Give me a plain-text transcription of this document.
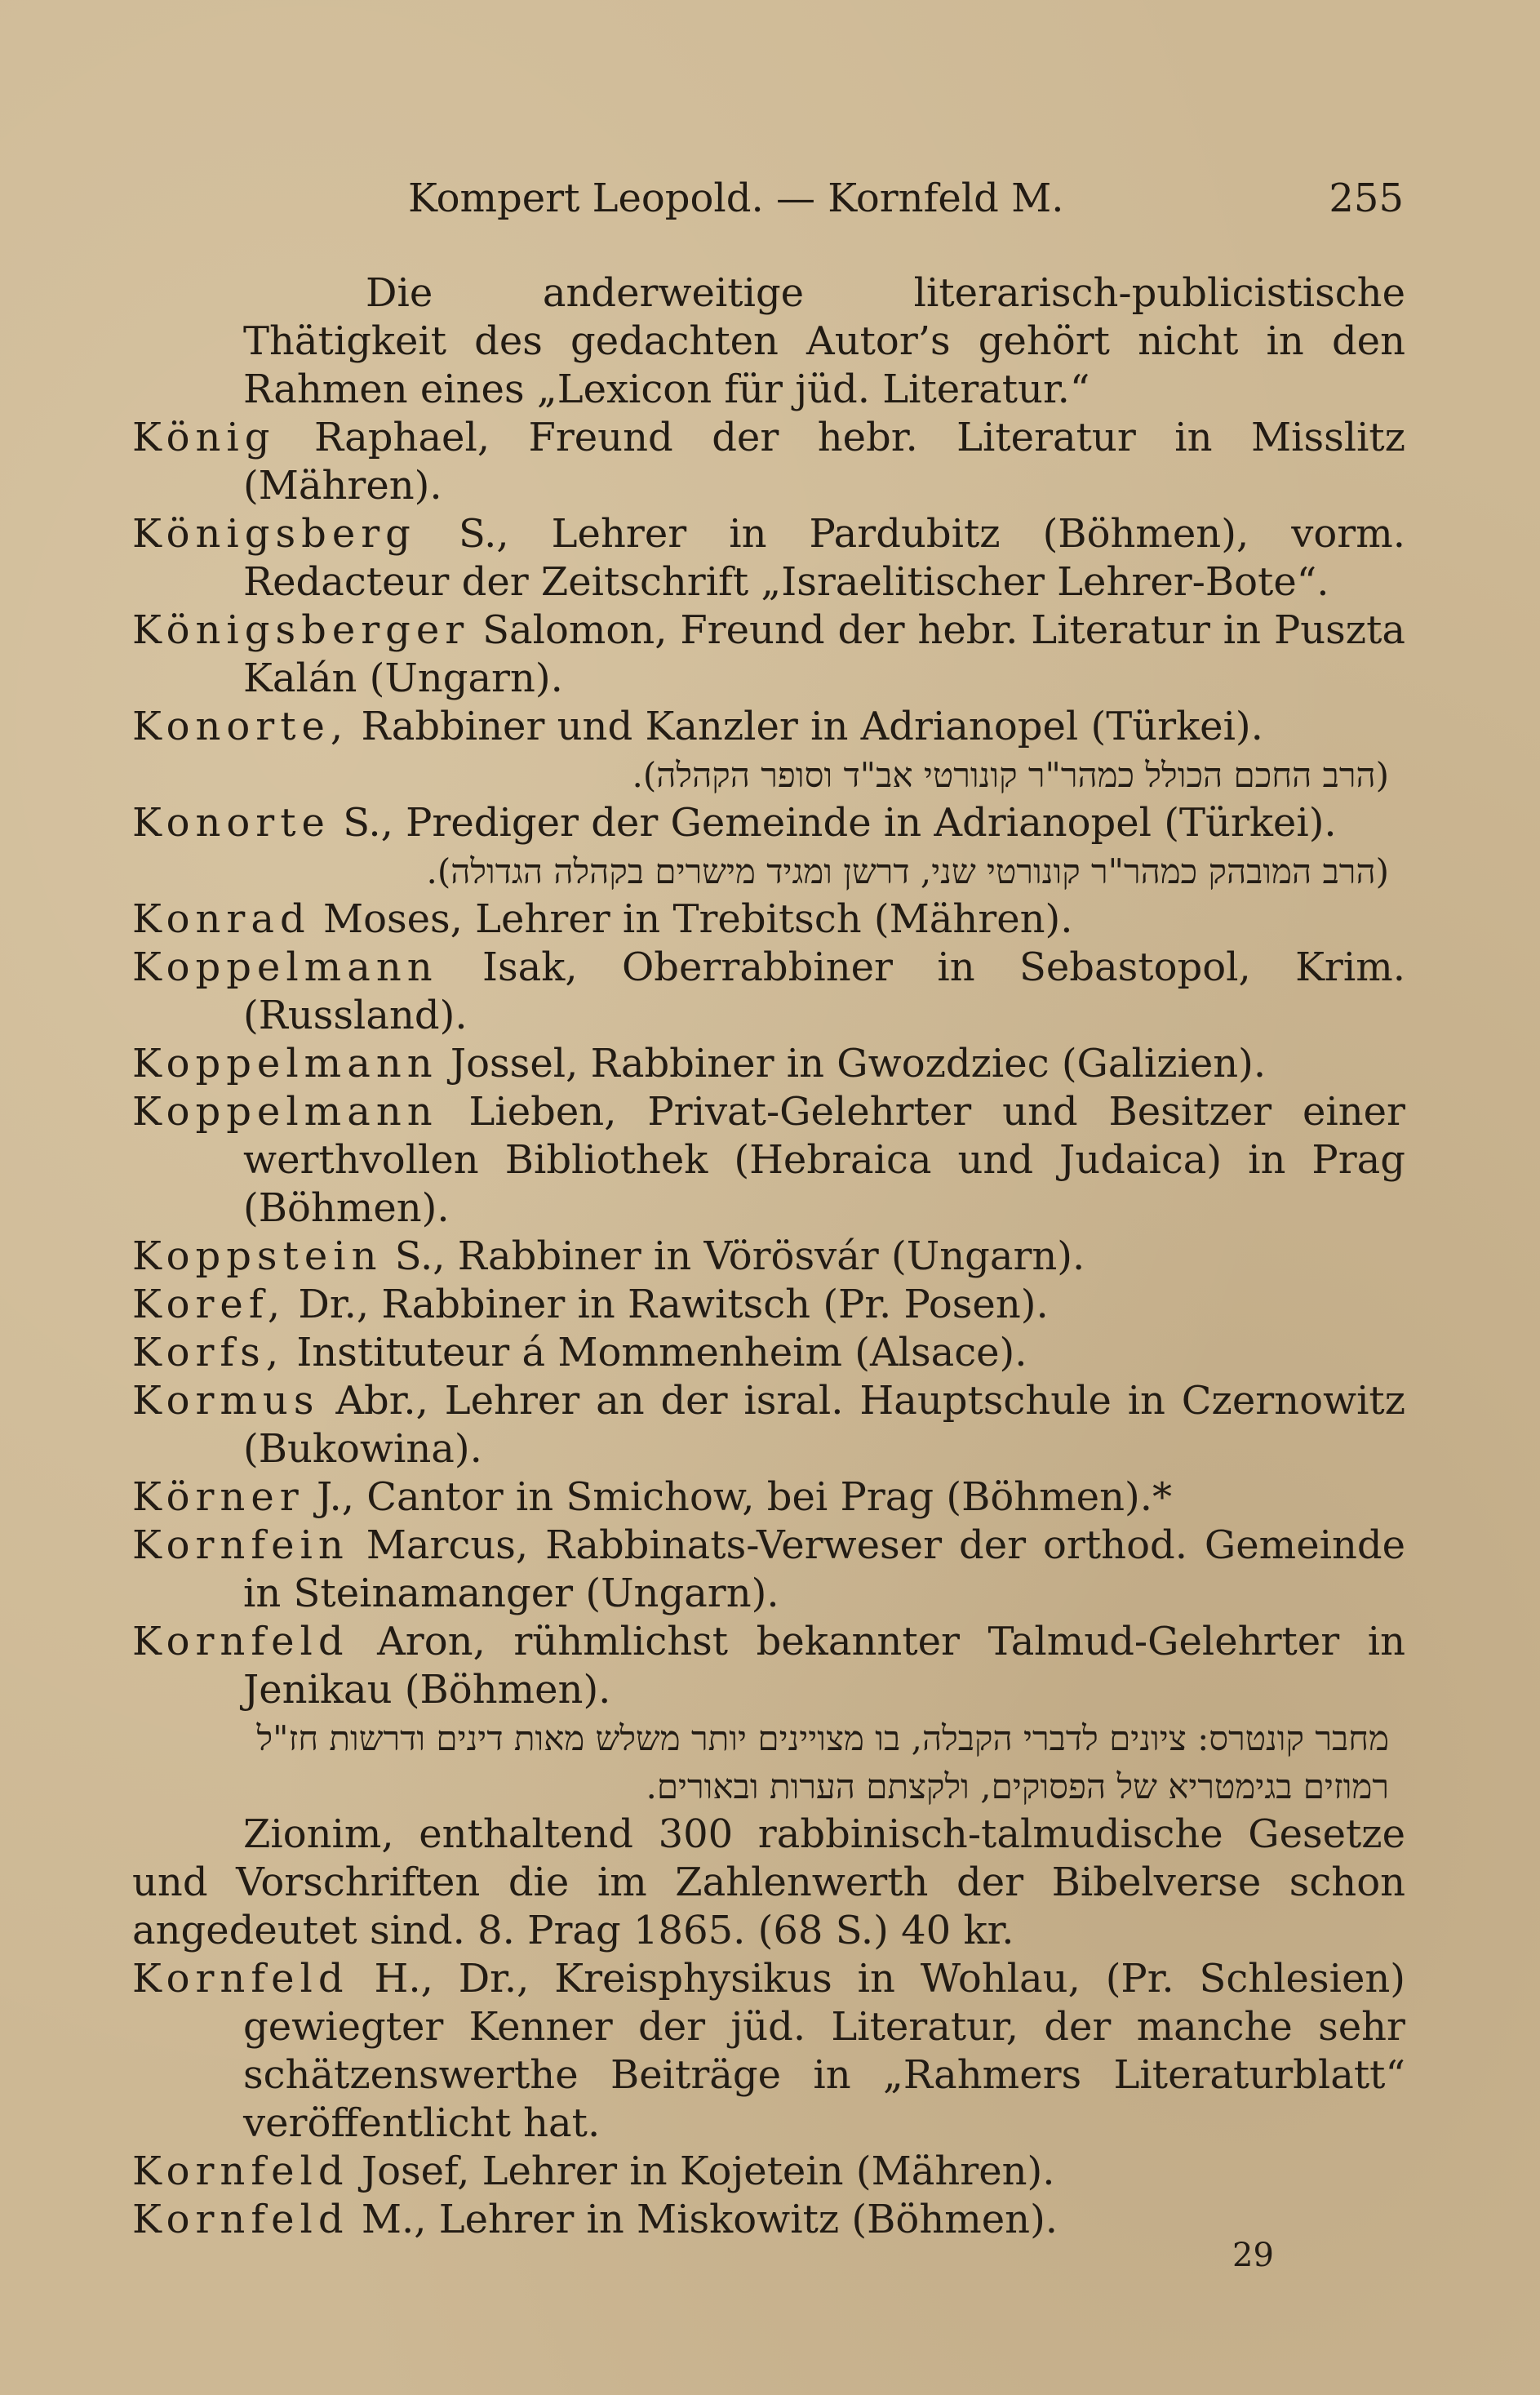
Kompert Leopold. — Kornfeld M.	255

Die anderweitige literarisch-publicistische Thätigkeit des gedachten Autor’s gehört nicht in den Rahmen eines „Lexicon für jüd. Literatur.“

König Raphael, Freund der hebr. Literatur in Misslitz (Mähren).

Königsberg S., Lehrer in Pardubitz (Böhmen), vorm. Redacteur der Zeitschrift „Israelitischer Lehrer-Bote“.

Königsberger Salomon, Freund der hebr. Literatur in Puszta Kalán (Ungarn).

Konorte, Rabbiner und Kanzler in Adrianopel (Türkei).

(הרב החכם הכולל כמהר"ר קונורטי אב"ד וסופר הקהלה).

Konorte S., Prediger der Gemeinde in Adrianopel (Türkei).

(הרב המובהק כמהר"ר קונורטי שני, דרשן ומגיד מישרים בקהלה הגדולה).

Konrad Moses, Lehrer in Trebitsch (Mähren).

Koppelmann Isak, Oberrabbiner in Sebastopol, Krim. (Russland).

Koppelmann Jossel, Rabbiner in Gwozdziec (Galizien).

Koppelmann Lieben, Privat-Gelehrter und Besitzer einer werthvollen Bibliothek (Hebraica und Judaica) in Prag (Böhmen).

Koppstein S., Rabbiner in Vörösvár (Ungarn).

Koref, Dr., Rabbiner in Rawitsch (Pr. Posen).

Korfs, Instituteur á Mommenheim (Alsace).

Kormus Abr., Lehrer an der isral. Hauptschule in Czernowitz (Bukowina).

Körner J., Cantor in Smichow, bei Prag (Böhmen).*

Kornfein Marcus, Rabbinats-Verweser der orthod. Gemeinde in Steinamanger (Ungarn).

Kornfeld Aron, rühmlichst bekannter Talmud-Gelehrter in Jenikau (Böhmen).

מחבר קונטרס: ציונים לדברי הקבלה, בו מצויינים יותר משלש מאות דינים ודרשות חז"ל רמוזים בגימטריא של הפסוקים, ולקצתם הערות ובאורים.

Zionim, enthaltend 300 rabbinisch-talmudische Gesetze und Vorschriften die im Zahlenwerth der Bibelverse schon angedeutet sind. 8. Prag 1865. (68 S.) 40 kr.

Kornfeld H., Dr., Kreisphysikus in Wohlau, (Pr. Schlesien) gewiegter Kenner der jüd. Literatur, der manche sehr schätzenswerthe Beiträge in „Rahmers Literaturblatt“ veröffentlicht hat.

Kornfeld Josef, Lehrer in Kojetein (Mähren).

Kornfeld M., Lehrer in Miskowitz (Böhmen).

29
